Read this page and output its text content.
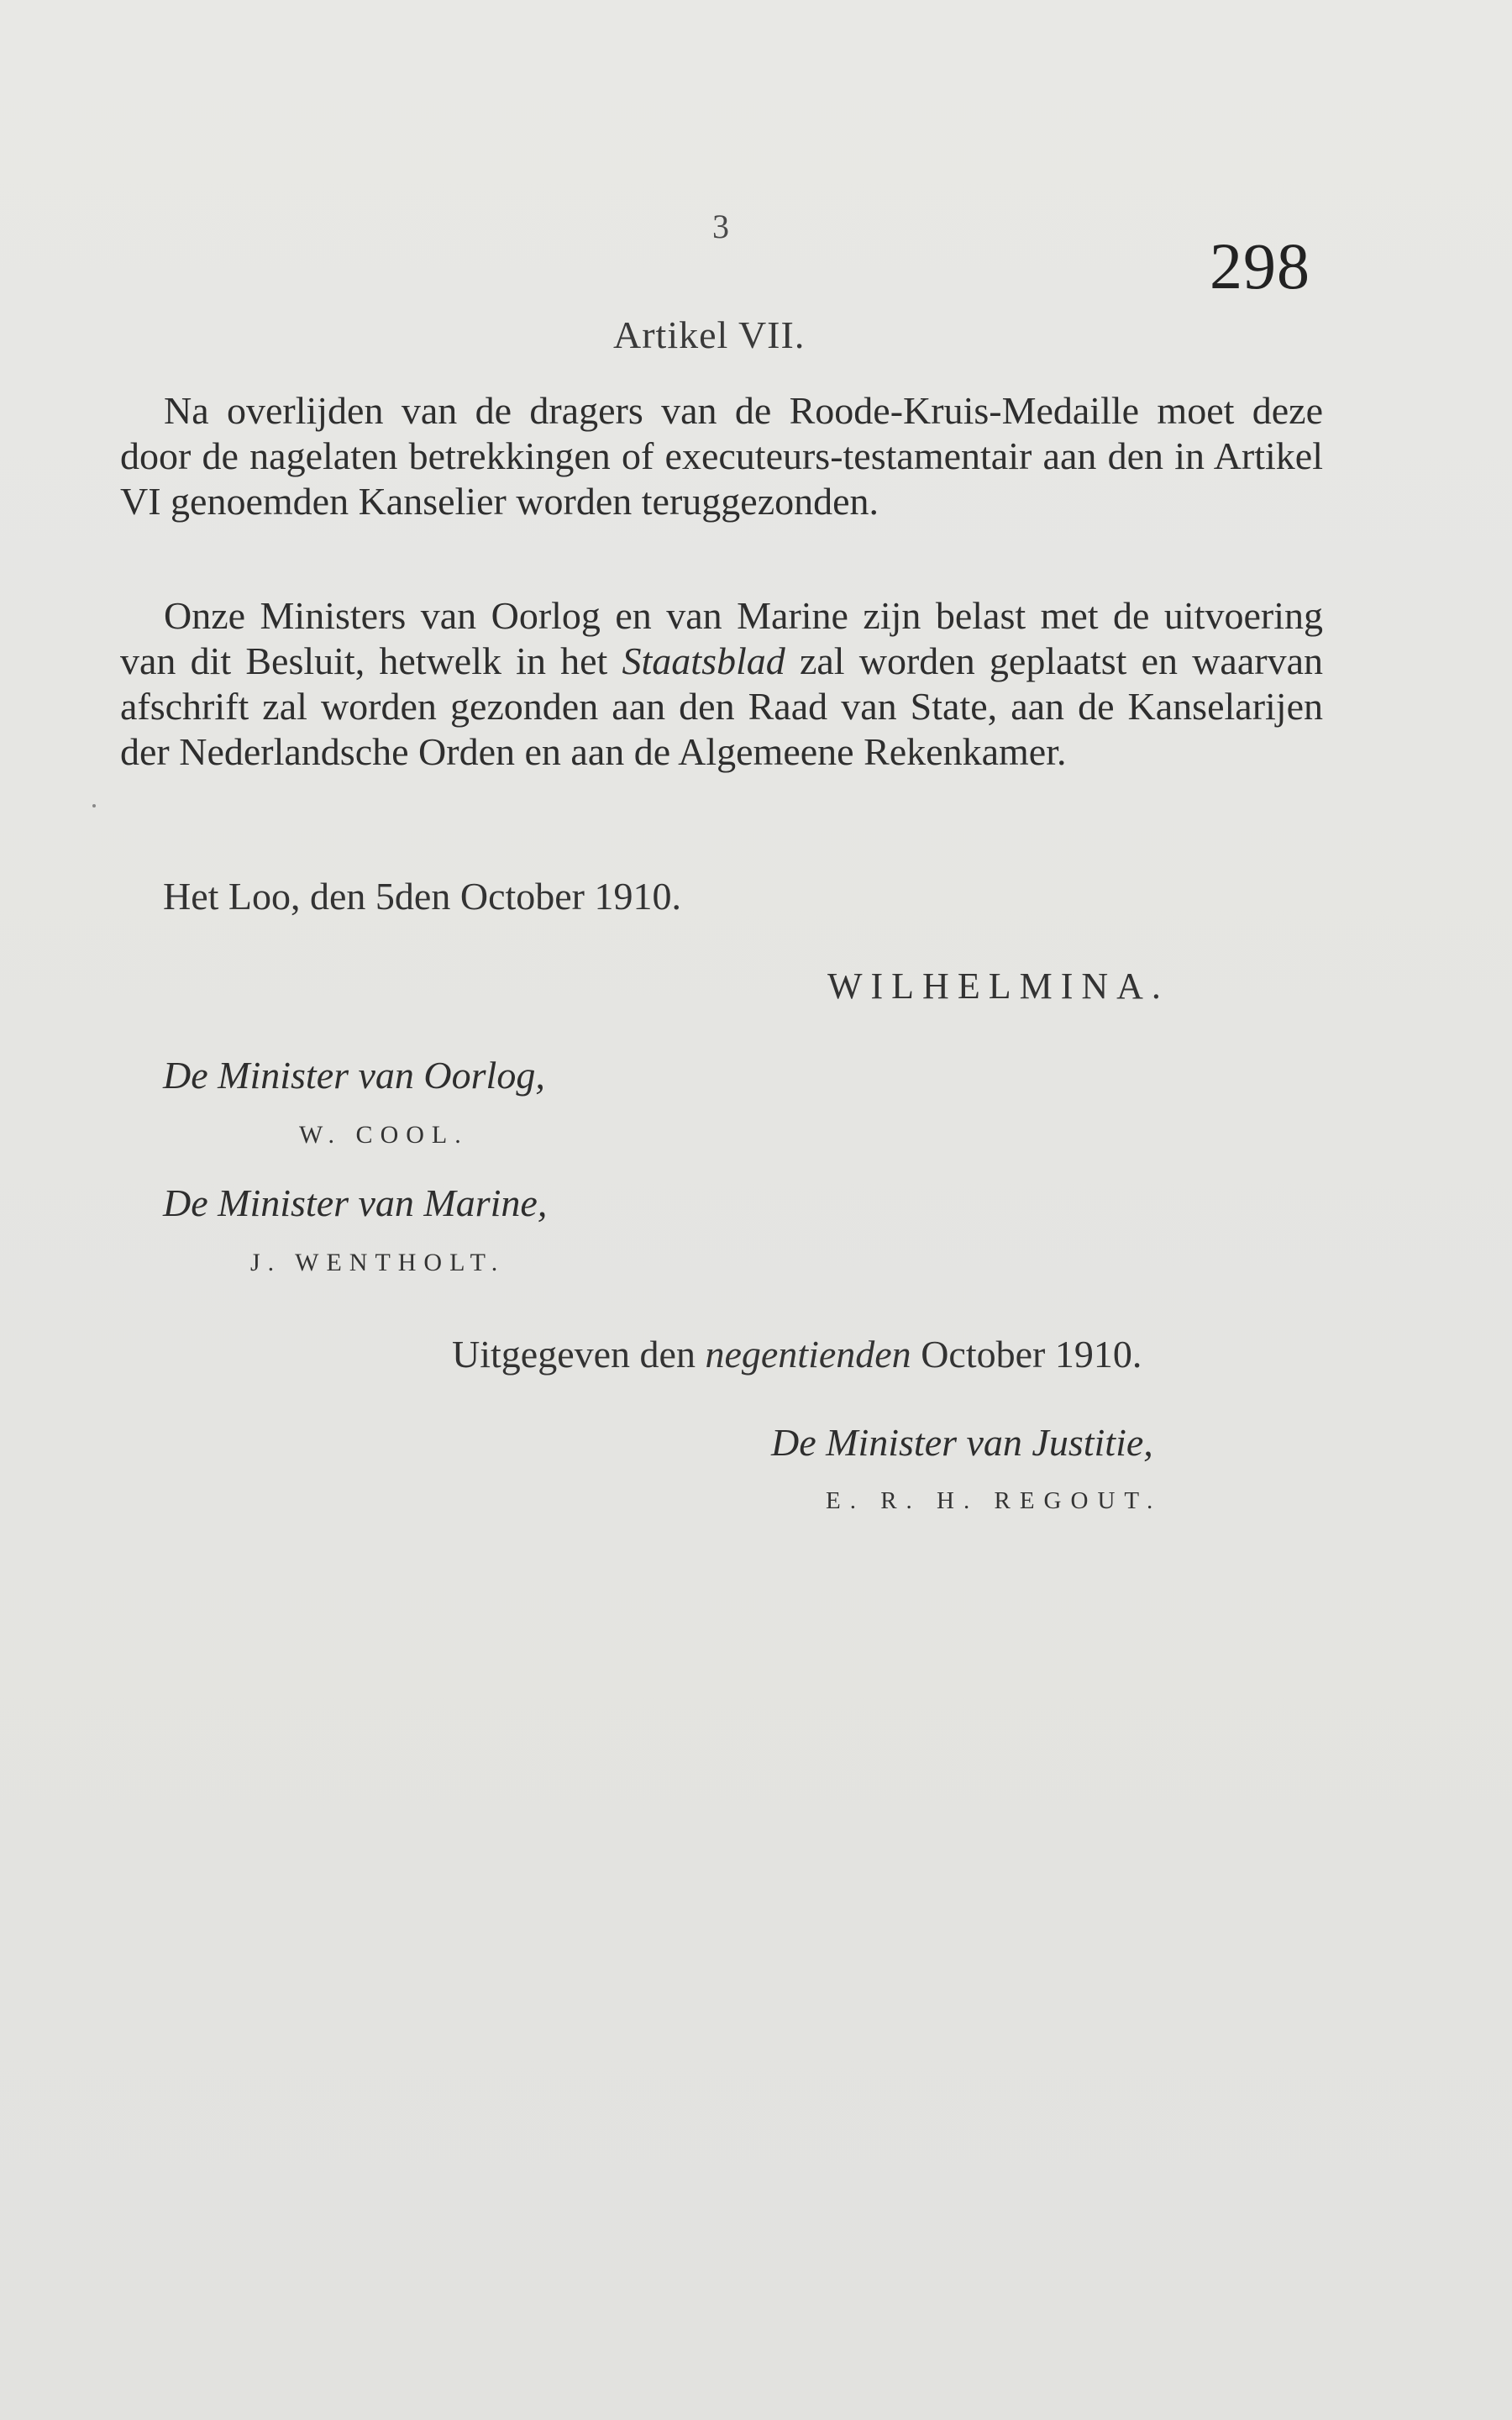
3
298
Artikel VII.
Na overlijden van de dragers van de Roode-Kruis-Medaille moet deze door de nagelaten betrekkingen of executeurs-testamentair aan den in Artikel VI genoemden Kanselier worden teruggezonden.
Onze Ministers van Oorlog en van Marine zijn belast met de uitvoering van dit Besluit, hetwelk in het Staatsblad zal worden geplaatst en waarvan afschrift zal worden gezonden aan den Raad van State, aan de Kanselarijen der Nederlandsche Orden en aan de Algemeene Rekenkamer.
Het Loo, den 5den October 1910.
WILHELMINA.
De Minister van Oorlog,
W. COOL.
De Minister van Marine,
J. WENTHOLT.
Uitgegeven den negentienden October 1910.
De Minister van Justitie,
E. R. H. REGOUT.
